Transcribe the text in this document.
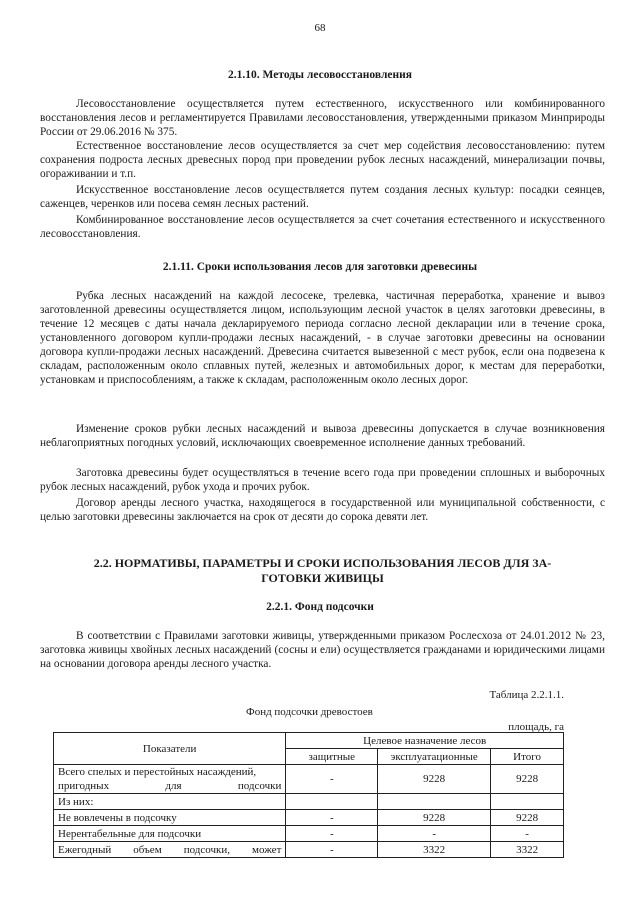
68
2.1.10. Методы лесовосстановления

Лесовосстановление осуществляется путем естественного, искусственного или комбинированного восстановления лесов и регламентируется Правилами лесовосстановления, утвержденными приказом Минприроды России от 29.06.2016 № 375.

Естественное восстановление лесов осуществляется за счет мер содействия лесовосстановлению: путем сохранения подроста лесных древесных пород при проведении рубок лесных насаждений, минерализации почвы, огораживании и т.п.

Искусственное восстановление лесов осуществляется путем создания лесных культур: посадки сеянцев, саженцев, черенков или посева семян лесных растений.

Комбинированное восстановление лесов осуществляется за счет сочетания естественного и искусственного лесовосстановления.

2.1.11. Сроки использования лесов для заготовки древесины

Рубка лесных насаждений на каждой лесосеке, трелевка, частичная переработка, хранение и вывоз заготовленной древесины осуществляется лицом, использующим лесной участок в целях заготовки древесины, в течение 12 месяцев с даты начала декларируемого периода согласно лесной декларации или в течение срока, установленного договором купли-продажи лесных насаждений, - в случае заготовки древесины на основании договора купли-продажи лесных насаждений. Древесина считается вывезенной с мест рубок, если она подвезена к складам, расположенным около сплавных путей, железных и автомобильных дорог, к местам для переработки, установкам и приспособлениям, а также к складам, расположенным около лесных дорог.

Изменение сроков рубки лесных насаждений и вывоза древесины допускается в случае возникновения неблагоприятных погодных условий, исключающих своевременное исполнение данных требований.

Заготовка древесины будет осуществляться в течение всего года при проведении сплошных и выборочных рубок лесных насаждений, рубок ухода и прочих рубок.

Договор аренды лесного участка, находящегося в государственной или муниципальной собственности, с целью заготовки древесины заключается на срок от десяти до сорока девяти лет.

2.2. НОРМАТИВЫ, ПАРАМЕТРЫ И СРОКИ ИСПОЛЬЗОВАНИЯ ЛЕСОВ ДЛЯ ЗА-
ГОТОВКИ ЖИВИЦЫ
2.2.1. Фонд подсочки

В соответствии с Правилами заготовки живицы, утвержденными приказом Рослесхоза от 24.01.2012 № 23, заготовка живицы хвойных лесных насаждений (сосны и ели) осуществляется гражданами и юридическими лицами на основании договора аренды лесного участка.

Таблица 2.2.1.1.
Фонд подсочки древостоев
площадь, га
Показатели	Целевое назначение лесов		
	защитные	эксплуатационные	Итого
Всего спелых и перестойных насаждений, пригодных для подсочки	-	9228	9228
Из них:			
Не вовлечены в подсочку	-	9228	9228
Нерентабельные для подсочки	-	-	-
Ежегодный объем подсочки, может	-	3322	3322
